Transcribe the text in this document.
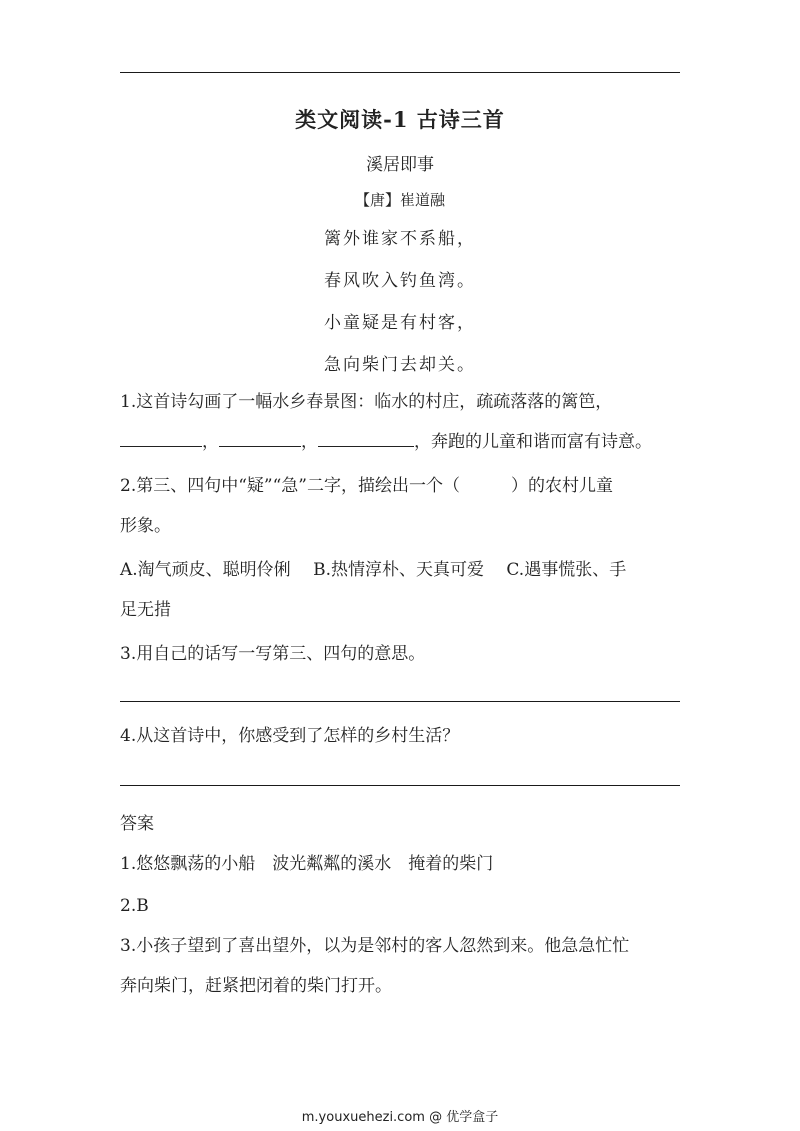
类文阅读-1 古诗三首
溪居即事
【唐】崔道融
篱外谁家不系船，
春风吹入钓鱼湾。
小童疑是有村客，
急向柴门去却关。
1.这首诗勾画了一幅水乡春景图：临水的村庄，疏疏落落的篱笆，
，	，	，奔跑的儿童和谐而富有诗意。
2.第三、四句中“疑”“急”二字，描绘出一个（　　　）的农村儿童
形象。
A.淘气顽皮、聪明伶俐　 B.热情淳朴、天真可爱　 C.遇事慌张、手
足无措
3.用自己的话写一写第三、四句的意思。
4.从这首诗中，你感受到了怎样的乡村生活？
答案
1.悠悠飘荡的小船　波光粼粼的溪水　掩着的柴门
2.B
3.小孩子望到了喜出望外，以为是邻村的客人忽然到来。他急急忙忙
奔向柴门，赶紧把闭着的柴门打开。
m.youxuehezi.com @ 优学盒子
